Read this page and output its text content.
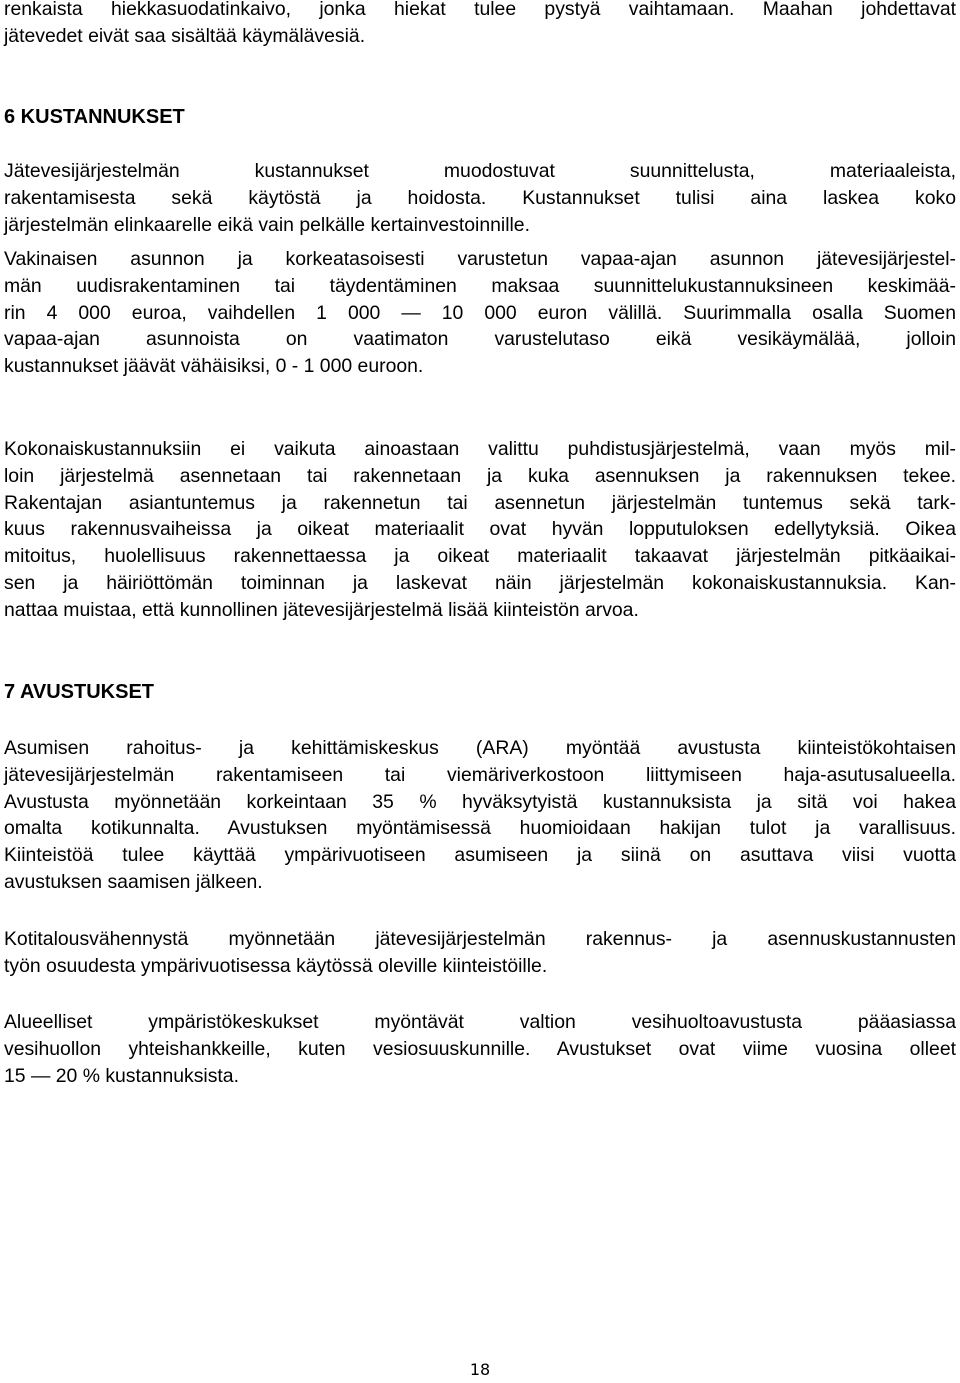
renkaista hiekkasuodatinkaivo, jonka hiekat tulee pystyä vaihtamaan. Maahan johdettavat
jätevedet eivät saa sisältää käymälävesiä.

6 KUSTANNUKSET

Jätevesijärjestelmän kustannukset muodostuvat suunnittelusta, materiaaleista,
rakentamisesta sekä käytöstä ja hoidosta. Kustannukset tulisi aina laskea koko
järjestelmän elinkaarelle eikä vain pelkälle kertainvestoinnille.

Vakinaisen asunnon ja korkeatasoisesti varustetun vapaa-ajan asunnon jätevesijärjestel-
män uudisrakentaminen tai täydentäminen maksaa suunnittelukustannuksineen keskimää-
rin 4 000 euroa, vaihdellen 1 000 — 10 000 euron välillä. Suurimmalla osalla Suomen
vapaa-ajan asunnoista on vaatimaton varustelutaso eikä vesikäymälää, jolloin
kustannukset jäävät vähäisiksi, 0 - 1 000 euroon.

Kokonaiskustannuksiin ei vaikuta ainoastaan valittu puhdistusjärjestelmä, vaan myös mil-
loin järjestelmä asennetaan tai rakennetaan ja kuka asennuksen ja rakennuksen tekee.
Rakentajan asiantuntemus ja rakennetun tai asennetun järjestelmän tuntemus sekä tark-
kuus rakennusvaiheissa ja oikeat materiaalit ovat hyvän lopputuloksen edellytyksiä. Oikea
mitoitus, huolellisuus rakennettaessa ja oikeat materiaalit takaavat järjestelmän pitkäaikai-
sen ja häiriöttömän toiminnan ja laskevat näin järjestelmän kokonaiskustannuksia. Kan-
nattaa muistaa, että kunnollinen jätevesijärjestelmä lisää kiinteistön arvoa.

7 AVUSTUKSET

Asumisen rahoitus- ja kehittämiskeskus (ARA) myöntää avustusta kiinteistökohtaisen
jätevesijärjestelmän rakentamiseen tai viemäriverkostoon liittymiseen haja-asutusalueella.
Avustusta myönnetään korkeintaan 35 % hyväksytyistä kustannuksista ja sitä voi hakea
omalta kotikunnalta. Avustuksen myöntämisessä huomioidaan hakijan tulot ja varallisuus.
Kiinteistöä tulee käyttää ympärivuotiseen asumiseen ja siinä on asuttava viisi vuotta
avustuksen saamisen jälkeen.

Kotitalousvähennystä myönnetään jätevesijärjestelmän rakennus- ja asennuskustannusten
työn osuudesta ympärivuotisessa käytössä oleville kiinteistöille.

Alueelliset ympäristökeskukset myöntävät valtion vesihuoltoavustusta pääasiassa
vesihuollon yhteishankkeille, kuten vesiosuuskunnille. Avustukset ovat viime vuosina olleet
15 — 20 % kustannuksista.

18
